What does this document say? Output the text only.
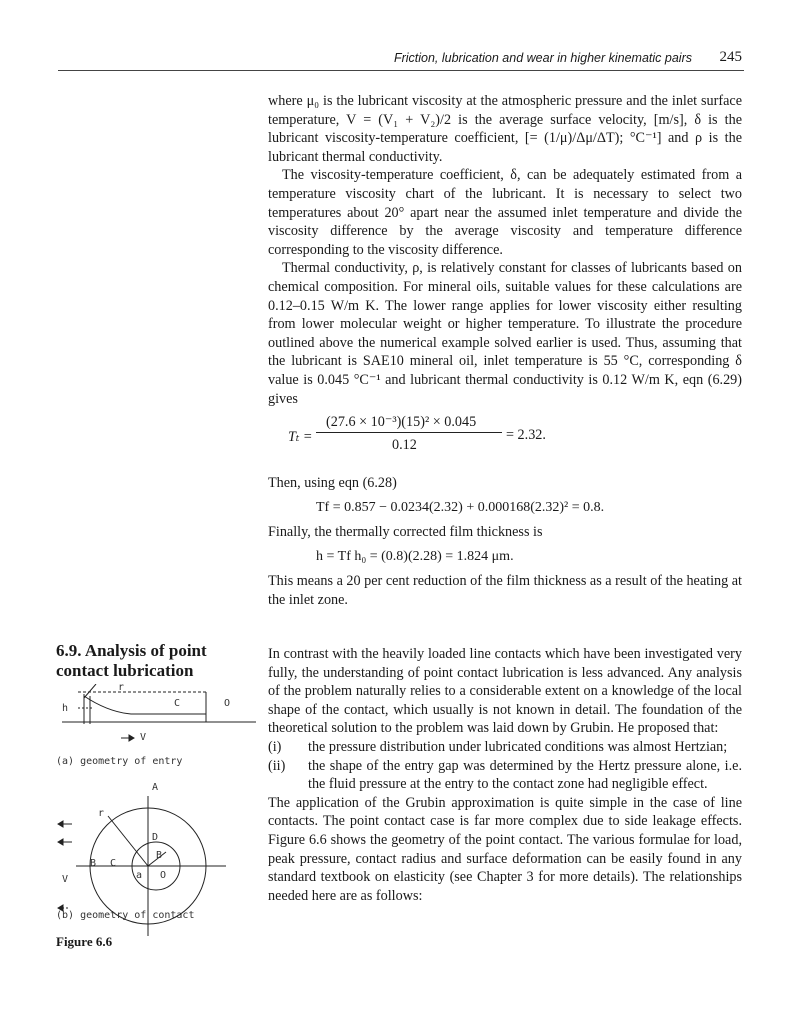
Friction, lubrication and wear in higher kinematic pairs 245

where μ₀ is the lubricant viscosity at the atmospheric pressure and the inlet surface temperature, V = (V₁ + V₂)/2 is the average surface velocity, [m/s], δ is the lubricant viscosity-temperature coefficient, [= (1/μ)/Δμ/ΔT); °C⁻¹] and ρ is the lubricant thermal conductivity.

The viscosity-temperature coefficient, δ, can be adequately estimated from a temperature viscosity chart of the lubricant. It is necessary to select two temperatures about 20° apart near the assumed inlet temperature and divide the viscosity difference by the average viscosity and temperature difference corresponding to the viscosity difference.

Thermal conductivity, ρ, is relatively constant for classes of lubricants based on chemical composition. For mineral oils, suitable values for these calculations are 0.12–0.15 W/m K. The lower range applies for lower viscosity either resulting from lower molecular weight or higher temperature. To illustrate the procedure outlined above the numerical example solved earlier is used. Thus, assuming that the lubricant is SAE10 mineral oil, inlet temperature is 55 °C, corresponding δ value is 0.045 °C⁻¹ and lubricant thermal conductivity is 0.12 W/m K, eqn (6.29) gives

Tₜ =
(27.6 × 10⁻³)(15)² × 0.045
0.12
= 2.32.

Then, using eqn (6.28)

Tf = 0.857 − 0.0234(2.32) + 0.000168(2.32)² = 0.8.

Finally, the thermally corrected film thickness is

h = Tf h₀ = (0.8)(2.28) = 1.824 μm.

This means a 20 per cent reduction of the film thickness as a result of the heating at the inlet zone.

6.9. Analysis of point contact lubrication

In contrast with the heavily loaded line contacts which have been investigated very fully, the understanding of point contact lubrication is less advanced. Any analysis of the problem naturally relies to a considerable extent on a knowledge of the local shape of the contact, which usually is not known in detail. The foundation of the theoretical solution to the problem was laid down by Grubin. He proposed that:

(i) the pressure distribution under lubricated conditions was almost Hertzian;

(ii) the shape of the entry gap was determined by the Hertz pressure alone, i.e. the fluid pressure at the entry to the contact zone had negligible effect.

The application of the Grubin approximation is quite simple in the case of line contacts. The point contact case is far more complex due to side leakage effects. Figure 6.6 shows the geometry of the point contact. The various formulae for load, peak pressure, contact radius and surface deformation can be easily found in any standard textbook on elasticity (see Chapter 3 for more details). The relationships needed here are as follows:

r
h	C	O
V
(a) geometry of entry
A
r
D
B
B C
a O
V
(b) geometry of contact
Figure 6.6
